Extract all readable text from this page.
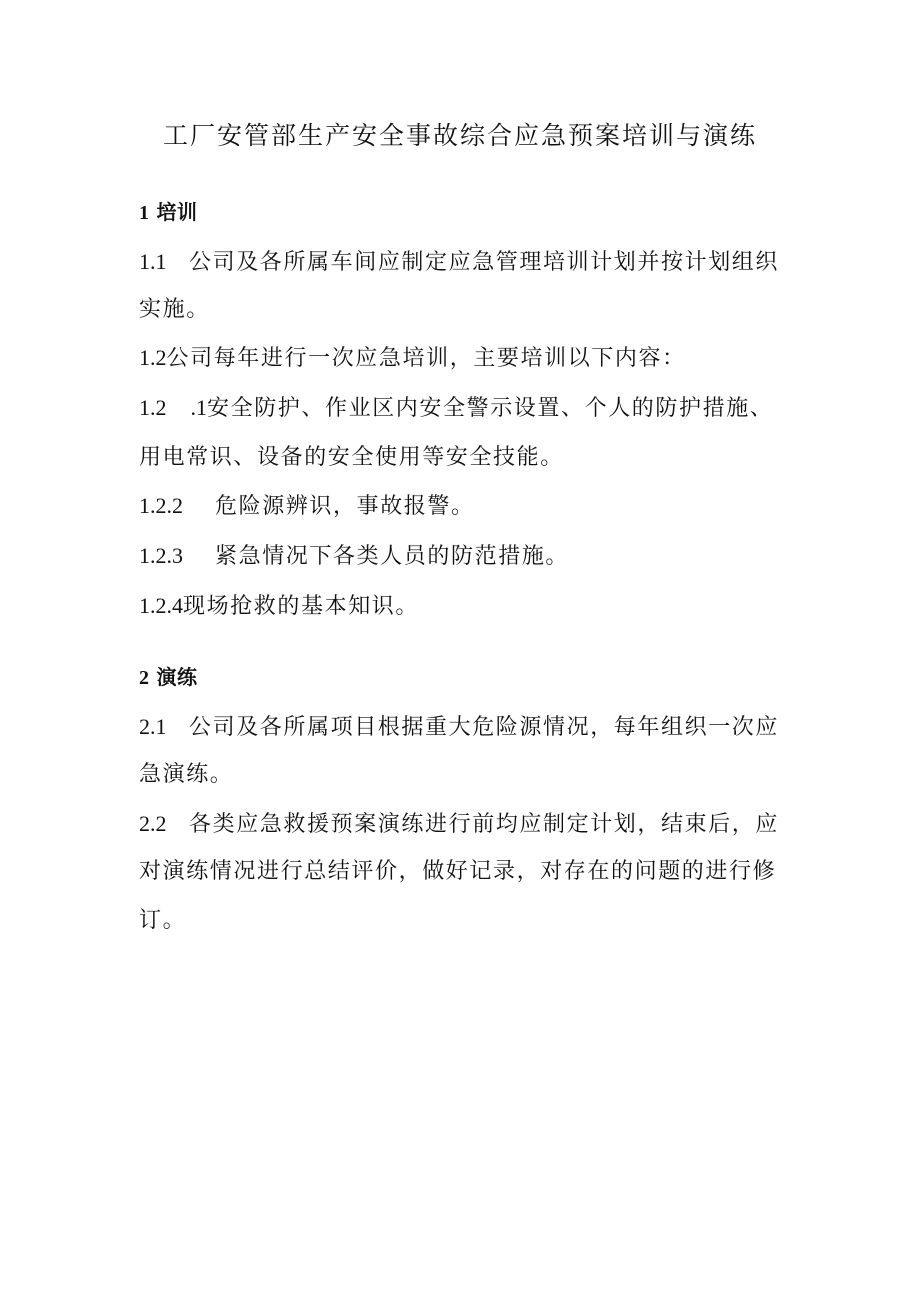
工厂安管部生产安全事故综合应急预案培训与演练
1 培训
1.1 公司及各所属车间应制定应急管理培训计划并按计划组织
实施。
1.2公司每年进行一次应急培训，主要培训以下内容：
1.2 .1安全防护、作业区内安全警示设置、个人的防护措施、
用电常识、设备的安全使用等安全技能。
1.2.2 危险源辨识，事故报警。
1.2.3 紧急情况下各类人员的防范措施。
1.2.4现场抢救的基本知识。
2 演练
2.1 公司及各所属项目根据重大危险源情况，每年组织一次应
急演练。
2.2 各类应急救援预案演练进行前均应制定计划，结束后，应
对演练情况进行总结评价，做好记录，对存在的问题的进行修
订。
